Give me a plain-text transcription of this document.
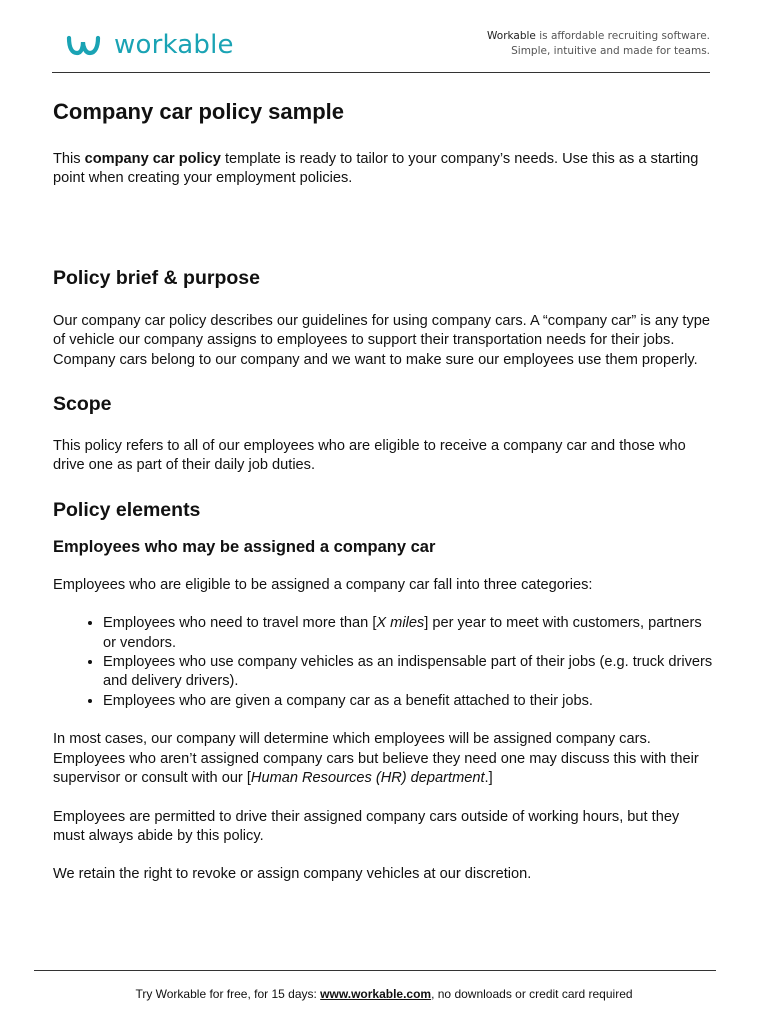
workable	Workable is affordable recruiting software.
Simple, intuitive and made for teams.
Company car policy sample

This company car policy template is ready to tailor to your company’s needs. Use this as a starting point when creating your employment policies.

Policy brief & purpose

Our company car policy describes our guidelines for using company cars. A “company car” is any type of vehicle our company assigns to employees to support their transportation needs for their jobs. Company cars belong to our company and we want to make sure our employees use them properly.

Scope

This policy refers to all of our employees who are eligible to receive a company car and those who drive one as part of their daily job duties.

Policy elements
Employees who may be assigned a company car

Employees who are eligible to be assigned a company car fall into three categories:

• Employees who need to travel more than [X miles] per year to meet with customers, partners or vendors.
• Employees who use company vehicles as an indispensable part of their jobs (e.g. truck drivers and delivery drivers).
• Employees who are given a company car as a benefit attached to their jobs.

In most cases, our company will determine which employees will be assigned company cars. Employees who aren’t assigned company cars but believe they need one may discuss this with their supervisor or consult with our [Human Resources (HR) department.]

Employees are permitted to drive their assigned company cars outside of working hours, but they must always abide by this policy.

We retain the right to revoke or assign company vehicles at our discretion.

Try Workable for free, for 15 days: www.workable.com, no downloads or credit card required
